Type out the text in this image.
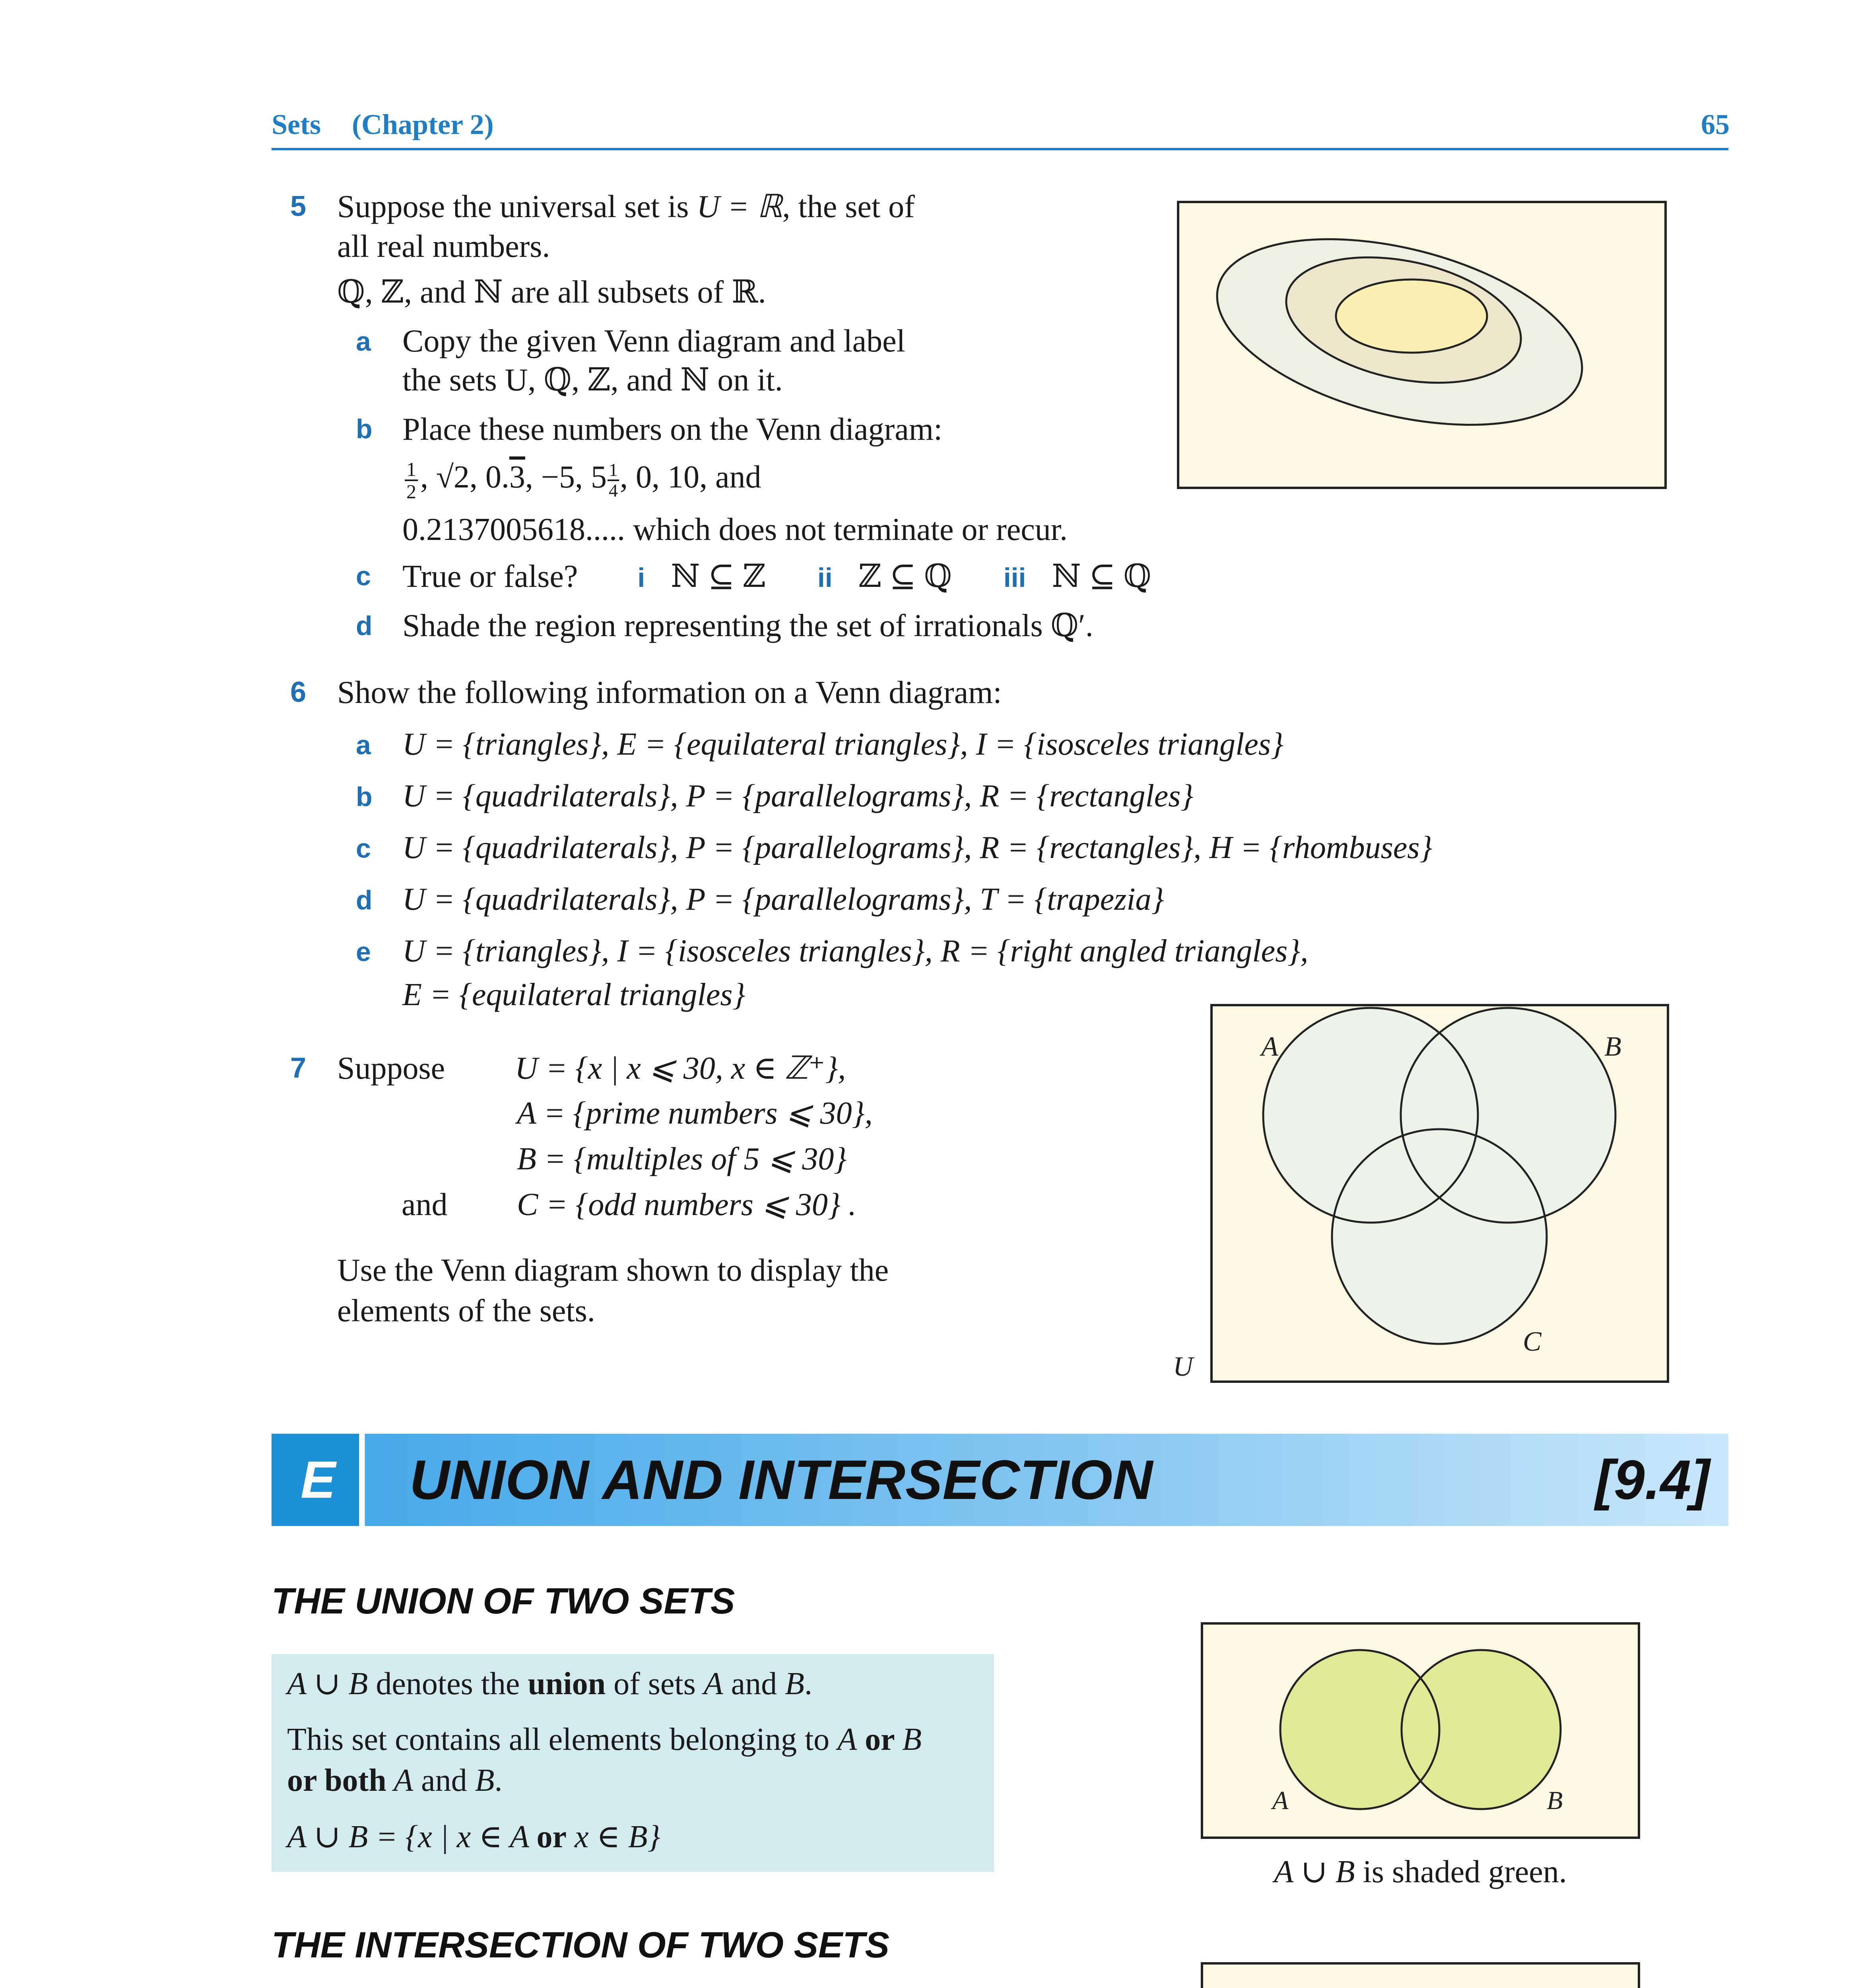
Sets (Chapter 2)	65
5 Suppose the universal set is U = ℝ, the set of
all real numbers.
ℚ, ℤ, and ℕ are all subsets of ℝ.
a Copy the given Venn diagram and label
the sets U, ℚ, ℤ, and ℕ on it.
b Place these numbers on the Venn diagram:
$\frac{1}{2}$ , √2, 0.3, −5, $5 \frac{1}{4}$ , 0, 10, and
0.2137005618..... which does not terminate or recur.
c True or false? i ℕ ⊆ ℤ ii ℤ ⊆ ℚ iii ℕ ⊆ ℚ
d Shade the region representing the set of irrationals ℚ′.
6 Show the following information on a Venn diagram:
a U = {triangles}, E = {equilateral triangles}, I = {isosceles triangles}
b U = {quadrilaterals}, P = {parallelograms}, R = {rectangles}
c U = {quadrilaterals}, P = {parallelograms}, R = {rectangles}, H = {rhombuses}
d U = {quadrilaterals}, P = {parallelograms}, T = {trapezia}
e U = {triangles}, I = {isosceles triangles}, R = {right angled triangles},
E = {equilateral triangles}
7 Suppose U = {x | x ⩽ 30, x ∈ ℤ⁺},
A = {prime numbers ⩽ 30},
B = {multiples of 5 ⩽ 30}
and C = {odd numbers ⩽ 30} .
Use the Venn diagram shown to display the
elements of the sets.
A	B
C
U
E	UNION AND INTERSECTION	[9.4]
THE UNION OF TWO SETS
A ∪ B denotes the union of sets A and B.
This set contains all elements belonging to A or B
or both A and B.
A ∪ B = {x | x ∈ A or x ∈ B}
A	B
A ∪ B is shaded green.
THE INTERSECTION OF TWO SETS
